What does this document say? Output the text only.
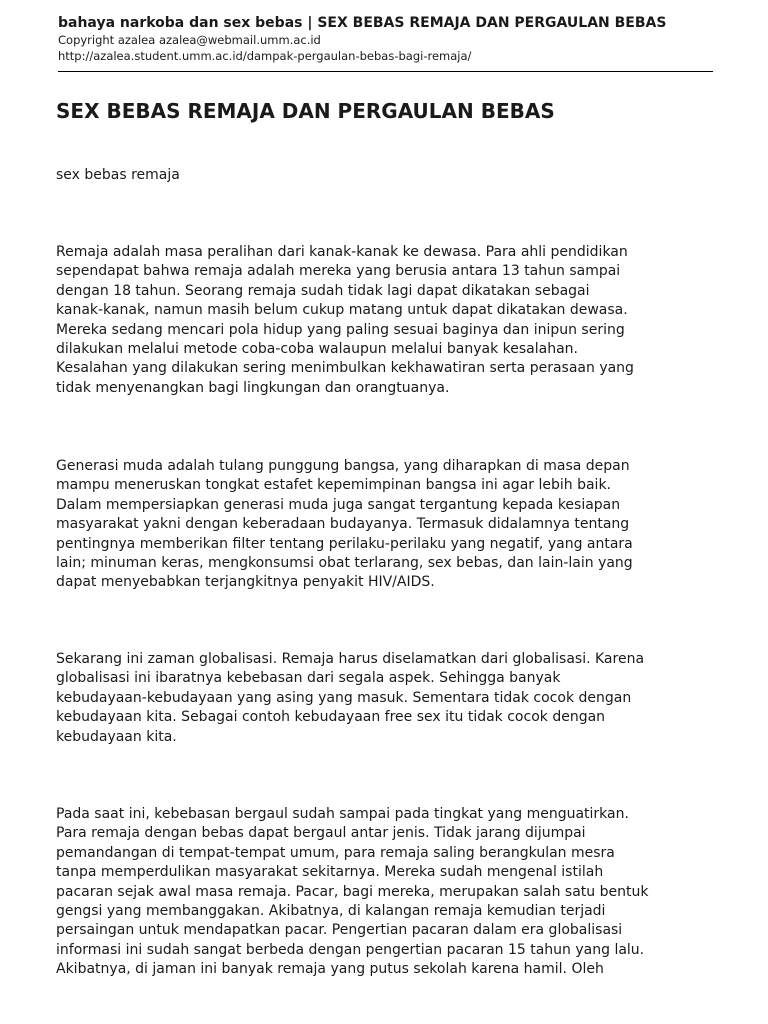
bahaya narkoba dan sex bebas | SEX BEBAS REMAJA DAN PERGAULAN BEBAS
Copyright azalea azalea@webmail.umm.ac.id
http://azalea.student.umm.ac.id/dampak-pergaulan-bebas-bagi-remaja/
SEX BEBAS REMAJA DAN PERGAULAN BEBAS
sex bebas remaja
Remaja adalah masa peralihan dari kanak-kanak ke dewasa. Para ahli pendidikan
sependapat bahwa remaja adalah mereka yang berusia antara 13 tahun sampai
dengan 18 tahun. Seorang remaja sudah tidak lagi dapat dikatakan sebagai
kanak-kanak, namun masih belum cukup matang untuk dapat dikatakan dewasa.
Mereka sedang mencari pola hidup yang paling sesuai baginya dan inipun sering
dilakukan melalui metode coba-coba walaupun melalui banyak kesalahan.
Kesalahan yang dilakukan sering menimbulkan kekhawatiran serta perasaan yang
tidak menyenangkan bagi lingkungan dan orangtuanya.
Generasi muda adalah tulang punggung bangsa, yang diharapkan di masa depan
mampu meneruskan tongkat estafet kepemimpinan bangsa ini agar lebih baik.
Dalam mempersiapkan generasi muda juga sangat tergantung kepada kesiapan
masyarakat yakni dengan keberadaan budayanya. Termasuk didalamnya tentang
pentingnya memberikan filter tentang perilaku-perilaku yang negatif, yang antara
lain; minuman keras, mengkonsumsi obat terlarang, sex bebas, dan lain-lain yang
dapat menyebabkan terjangkitnya penyakit HIV/AIDS.
Sekarang ini zaman globalisasi. Remaja harus diselamatkan dari globalisasi. Karena
globalisasi ini ibaratnya kebebasan dari segala aspek. Sehingga banyak
kebudayaan-kebudayaan yang asing yang masuk. Sementara tidak cocok dengan
kebudayaan kita. Sebagai contoh kebudayaan free sex itu tidak cocok dengan
kebudayaan kita.
Pada saat ini, kebebasan bergaul sudah sampai pada tingkat yang menguatirkan.
Para remaja dengan bebas dapat bergaul antar jenis. Tidak jarang dijumpai
pemandangan di tempat-tempat umum, para remaja saling berangkulan mesra
tanpa memperdulikan masyarakat sekitarnya. Mereka sudah mengenal istilah
pacaran sejak awal masa remaja. Pacar, bagi mereka, merupakan salah satu bentuk
gengsi yang membanggakan. Akibatnya, di kalangan remaja kemudian terjadi
persaingan untuk mendapatkan pacar. Pengertian pacaran dalam era globalisasi
informasi ini sudah sangat berbeda dengan pengertian pacaran 15 tahun yang lalu.
Akibatnya, di jaman ini banyak remaja yang putus sekolah karena hamil. Oleh
